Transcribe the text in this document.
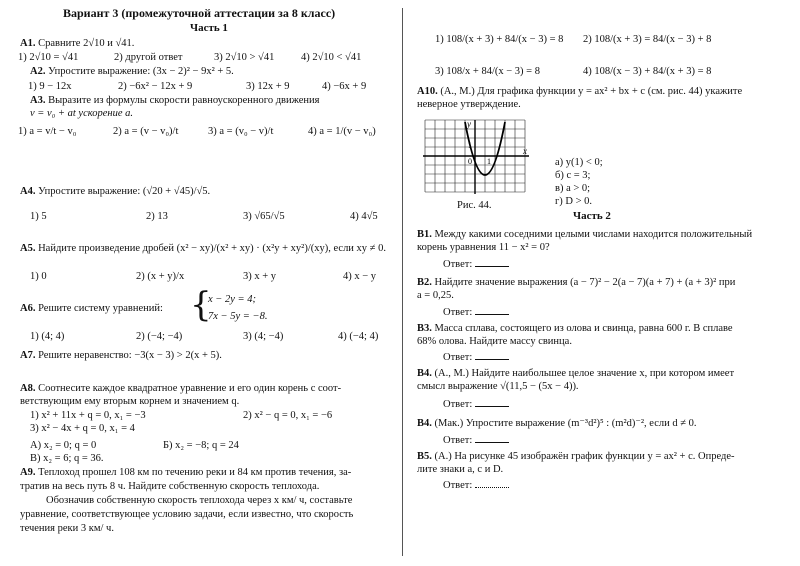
Вариант 3 (промежуточной аттестации за 8 класс)
Часть 1
А1. Сравните 2√10 и √41.
1) 2√10 = √41	2) другой ответ	3) 2√10 > √41	4) 2√10 < √41
А2. Упростите выражение: (3x − 2)² − 9x² + 5.
1) 9 − 12x	2) −6x² − 12x + 9	3) 12x + 9	4) −6x + 9
А3. Выразите из формулы скорости равноускоренного движения
v = v₀ + at ускорение a.
1) a = v/t − v₀	2) a = (v − v₀)/t	3) a = (v₀ − v)/t	4) a = 1/(v − v₀)
А4. Упростите выражение: (√20 + √45)/√5.
1) 5	2) 13	3) √65/√5	4) 4√5
А5. Найдите произведение дробей (x² − xy)/(x² + xy) · (x²y + xy²)/(xy), если xy ≠ 0.
1) 0	2) (x + y)/x	3) x + y	4) x − y
А6. Решите систему уравнений: {
x − 2y = 4;
7x − 5y = −8.
1) (4; 4)	2) (−4; −4)	3) (4; −4)	4) (−4; 4)
А7. Решите неравенство: −3(x − 3) > 2(x + 5).
А8. Соотнесите каждое квадратное уравнение и его один корень с соот-
ветствующим ему вторым корнем и значением q.
1) x² + 11x + q = 0, x₁ = −3	2) x² − q = 0, x₁ = −6
3) x² − 4x + q = 0, x₁ = 4
А) x₂ = 0; q = 0	Б) x₂ = −8; q = 24
В) x₂ = 6; q = 36.
А9. Теплоход прошел 108 км по течению реки и 84 км против течения, за-
тратив на весь путь 8 ч. Найдите собственную скорость теплохода.
Обозначив собственную скорость теплохода через x км/ ч, составьте
уравнение, соответствующее условию задачи, если известно, что скорость
течения реки 3 км/ ч.
1) 108/(x + 3) + 84/(x − 3) = 8 2) 108/(x + 3) = 84/(x − 3) + 8
3) 108/x + 84/(x − 3) = 8	4) 108/(x − 3) + 84/(x + 3) = 8
А10. (А., М.) Для графика функции y = ax² + bx + c (см. рис. 44) укажите
неверное утверждение.
y
x
1
0 1
Рис. 44.
а) y(1) < 0;
б) c = 3;
в) a > 0;
г) D > 0.
Часть 2
В1. Между какими соседними целыми числами находится положительный
корень уравнения 11 − x² = 0?
Ответ:
В2. Найдите значение выражения (a − 7)² − 2(a − 7)(a + 7) + (a + 3)² при
a = 0,25.
Ответ:
В3. Масса сплава, состоящего из олова и свинца, равна 600 г. В сплаве
68% олова. Найдите массу свинца.
Ответ:
В4. (А., М.) Найдите наибольшее целое значение x, при котором имеет
смысл выражение √(11,5 − (5x − 4)).
Ответ:
В4. (Мак.) Упростите выражение (m⁻³d²)⁵ : (m²d)⁻², если d ≠ 0.
Ответ:
В5. (А.) На рисунке 45 изображён график функции y = ax² + c. Опреде-
лите знаки a, c и D.
Ответ:
